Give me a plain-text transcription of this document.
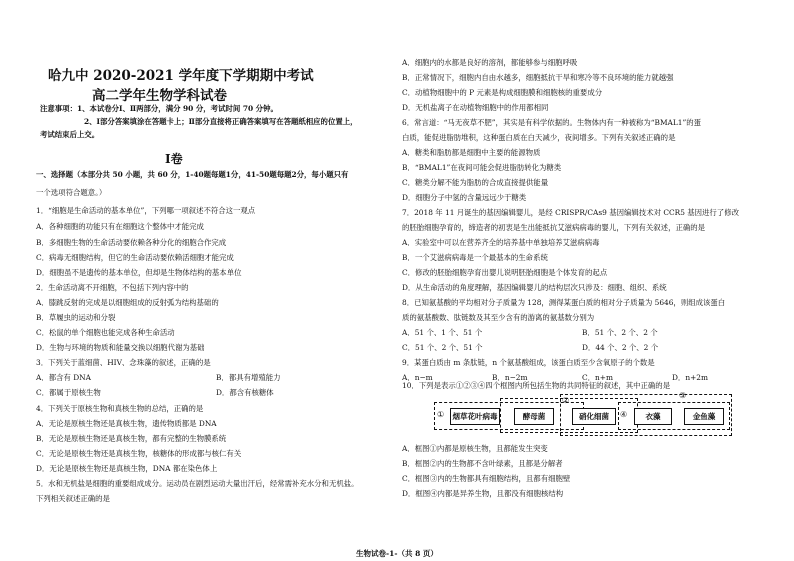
哈九中 2020-2021 学年度下学期期中考试
高二学年生物学科试卷
注意事项：1、本试卷分Ⅰ、Ⅱ两部分，满分 90 分，考试时间 70 分钟。
2、Ⅰ部分答案填涂在答题卡上；Ⅱ部分直接将正确答案填写在答题纸相应的位置上，
考试结束后上交。
Ⅰ卷
一、选择题（本部分共 50 小题，共 60 分，1-40题每题1分，41-50题每题2分，每小题只有
一个选项符合题意。）
1．“细胞是生命活动的基本单位”，下列哪一项叙述不符合这一观点
A．各种细胞的功能只有在细胞这个整体中才能完成
B．多细胞生物的生命活动要依赖各种分化的细胞合作完成
C．病毒无细胞结构，但它的生命活动要依赖活细胞才能完成
D．细胞虽不是遗传的基本单位，但却是生物体结构的基本单位
2．生命活动离不开细胞，不包括下列内容中的
A．膝跳反射的完成是以细胞组成的反射弧为结构基础的
B．草履虫的运动和分裂
C．松鼠的单个细胞也能完成各种生命活动
D．生物与环境的物质和能量交换以细胞代谢为基础
3．下列关于蓝细菌、HIV、念珠藻的叙述，正确的是
A．都含有 DNA	B．都具有增殖能力
C．都属于原核生物	D．都含有核糖体
4．下列关于原核生物和真核生物的总结，正确的是
A．无论是原核生物还是真核生物，遗传物质都是 DNA
B．无论是原核生物还是真核生物，都有完整的生物膜系统
C．无论是原核生物还是真核生物，核糖体的形成都与核仁有关
D．无论是原核生物还是真核生物，DNA 都在染色体上
5．水和无机盐是细胞的重要组成成分。运动员在剧烈运动大量出汗后，经常需补充水分和无机盐。
下列相关叙述正确的是
A．细胞内的水都是良好的溶剂，都能够参与细胞呼吸
B．正常情况下，细胞内自由水越多，细胞抵抗干旱和寒冷等不良环境的能力就越强
C．动植物细胞中的 P 元素是构成细胞膜和细胞核的重要成分
D．无机盐离子在动植物细胞中的作用都相同
6．常言道：“马无夜草不肥”，其实是有科学依据的。生物体内有一种被称为“BMAL1”的蛋
白质，能促进脂肪堆积，这种蛋白质在白天减少，夜间增多。下列有关叙述正确的是
A．糖类和脂肪都是细胞中主要的能源物质
B．“BMAL1”在夜间可能会促进脂肪转化为糖类
C．糖类分解不能为脂肪的合成直接提供能量
D．细胞分子中氢的含量远远少于糖类
7．2018 年 11 月诞生的基因编辑婴儿，是经 CRISPR/CAs9 基因编辑技术对 CCR5 基因进行了修改
的胚胎细胞孕育的，缔造者的初衷是生出能抵抗艾滋病病毒的婴儿，下列有关叙述，正确的是
A．实验室中可以在营养齐全的培养基中单独培养艾滋病病毒
B．一个艾滋病病毒是一个最基本的生命系统
C．修改的胚胎细胞孕育出婴儿说明胚胎细胞是个体发育的起点
D．从生命活动的角度理解，基因编辑婴儿的结构层次只涉及：细胞、组织、系统
8．已知氨基酸的平均相对分子质量为 128，测得某蛋白质的相对分子质量为 5646，则组成该蛋白
质的氨基酸数、肽链数及其至少含有的游离的氨基数分别为
A．51 个、1 个、51 个	B．51 个、2 个、2 个
C．51 个、2 个、51 个	D．44 个、2 个、2 个
9．某蛋白质由 m 条肽链，n 个氨基酸组成，该蛋白质至少含氧原子的个数是
A．n−m	B．n−2m	C．n+m	D．n+2m
10．下列是表示①②③④四个框图内所包括生物的共同特征的叙述，其中正确的是
A．框图①内都是原核生物，且都能发生突变
B．框图②内的生物都不含叶绿素，且都是分解者
C．框图③内的生物都具有细胞结构，且都有细胞壁
D．框图④内都是异养生物，且都没有细胞核结构
①
②
③
④
烟草花叶病毒	酵母菌	硝化细菌	衣藻	金鱼藻
生物试卷-1-（共 8 页）
